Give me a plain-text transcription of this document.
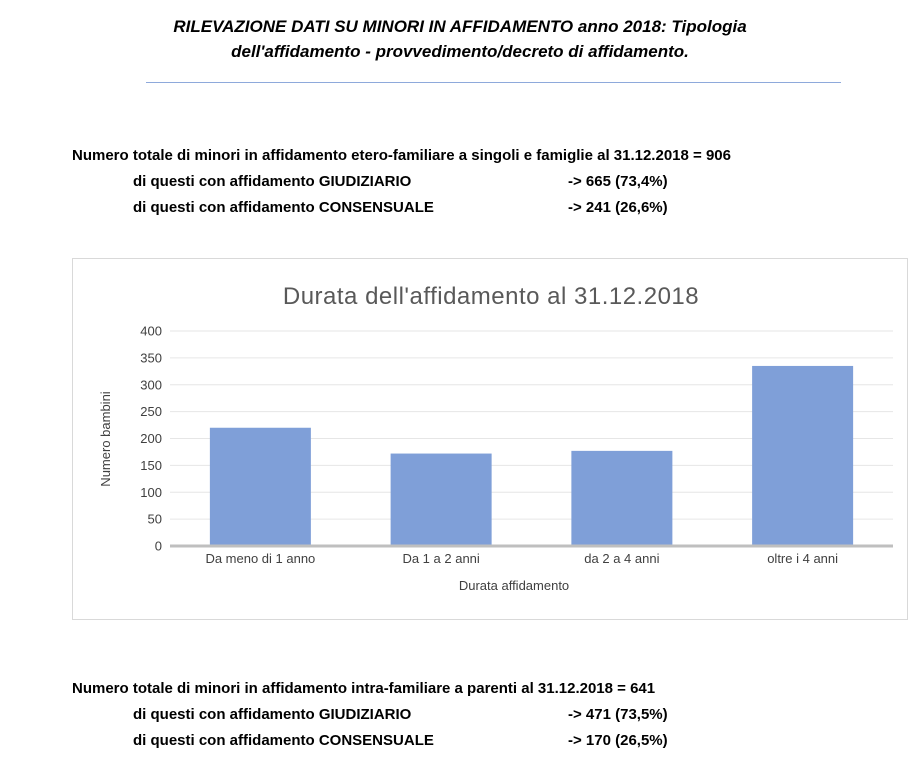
RILEVAZIONE DATI SU MINORI IN AFFIDAMENTO anno 2018: Tipologia
dell'affidamento - provvedimento/decreto di affidamento.
Numero totale di minori in affidamento etero-familiare a singoli e famiglie al 31.12.2018 = 906
di questi con affidamento GIUDIZIARIO	-> 665 (73,4%)
di questi con affidamento CONSENSUALE	-> 241 (26,6%)
Durata dell'affidamento al 31.12.2018
0
50
100
150
200
250
300
350
400
Da meno di 1 anno	Da 1 a 2 anni	da 2 a 4 anni	oltre i 4 anni
Durata affidamento
Numero bambini
Numero totale di minori in affidamento intra-familiare a parenti al 31.12.2018 = 641
di questi con affidamento GIUDIZIARIO	-> 471 (73,5%)
di questi con affidamento CONSENSUALE	-> 170 (26,5%)
